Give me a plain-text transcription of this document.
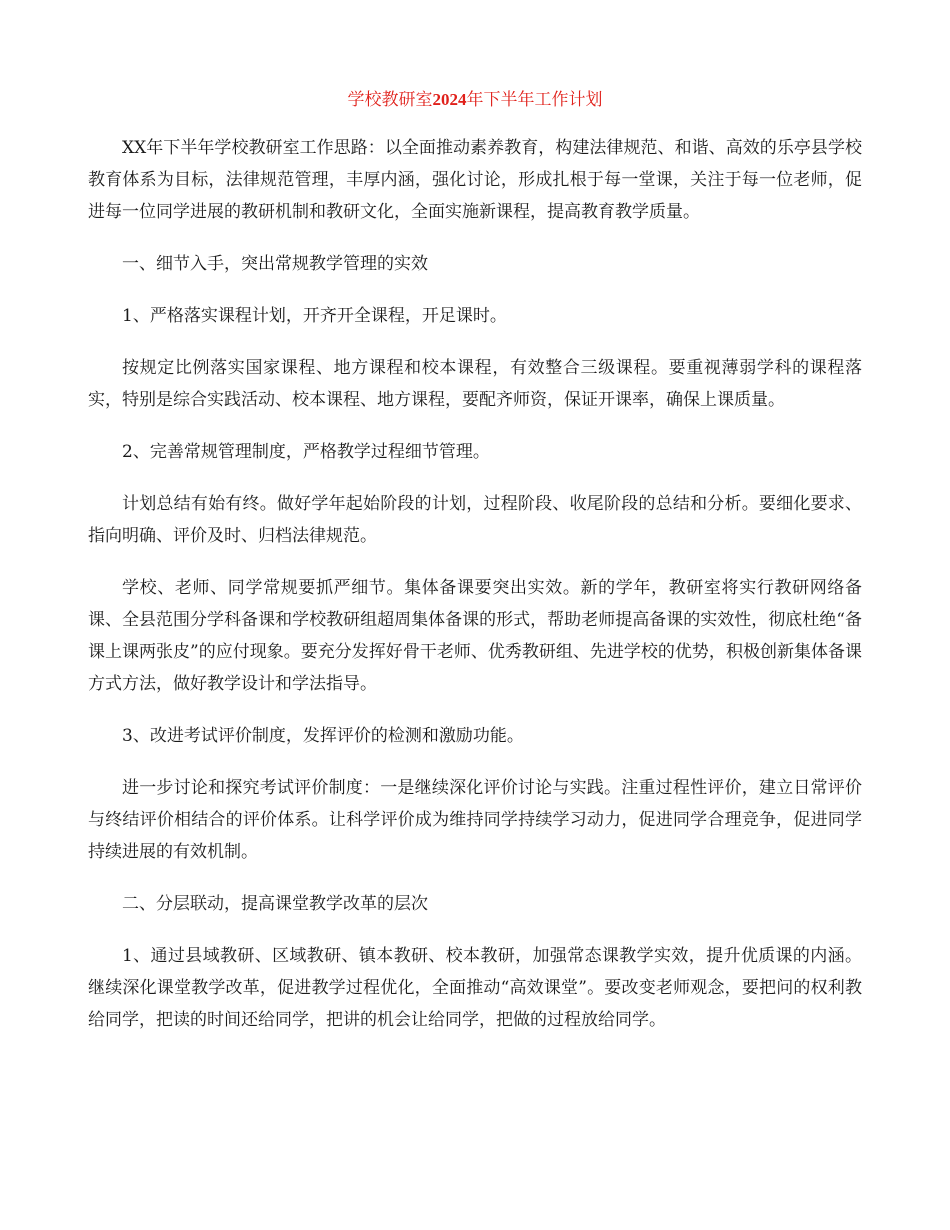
学校教研室2024年下半年工作计划

XX年下半年学校教研室工作思路：以全面推动素养教育，构建法律规范、和谐、高效的乐亭县学校教育体系为目标，法律规范管理，丰厚内涵，强化讨论，形成扎根于每一堂课，关注于每一位老师，促进每一位同学进展的教研机制和教研文化，全面实施新课程，提高教育教学质量。

一、细节入手，突出常规教学管理的实效

1、严格落实课程计划，开齐开全课程，开足课时。

按规定比例落实国家课程、地方课程和校本课程，有效整合三级课程。要重视薄弱学科的课程落实，特别是综合实践活动、校本课程、地方课程，要配齐师资，保证开课率，确保上课质量。

2、完善常规管理制度，严格教学过程细节管理。

计划总结有始有终。做好学年起始阶段的计划，过程阶段、收尾阶段的总结和分析。要细化要求、指向明确、评价及时、归档法律规范。

学校、老师、同学常规要抓严细节。集体备课要突出实效。新的学年，教研室将实行教研网络备课、全县范围分学科备课和学校教研组超周集体备课的形式，帮助老师提高备课的实效性，彻底杜绝“备课上课两张皮”的应付现象。要充分发挥好骨干老师、优秀教研组、先进学校的优势，积极创新集体备课方式方法，做好教学设计和学法指导。

3、改进考试评价制度，发挥评价的检测和激励功能。

进一步讨论和探究考试评价制度：一是继续深化评价讨论与实践。注重过程性评价，建立日常评价与终结评价相结合的评价体系。让科学评价成为维持同学持续学习动力，促进同学合理竞争，促进同学持续进展的有效机制。

二、分层联动，提高课堂教学改革的层次

1、通过县域教研、区域教研、镇本教研、校本教研，加强常态课教学实效，提升优质课的内涵。继续深化课堂教学改革，促进教学过程优化，全面推动“高效课堂”。要改变老师观念，要把问的权利教给同学，把读的时间还给同学，把讲的机会让给同学，把做的过程放给同学。
